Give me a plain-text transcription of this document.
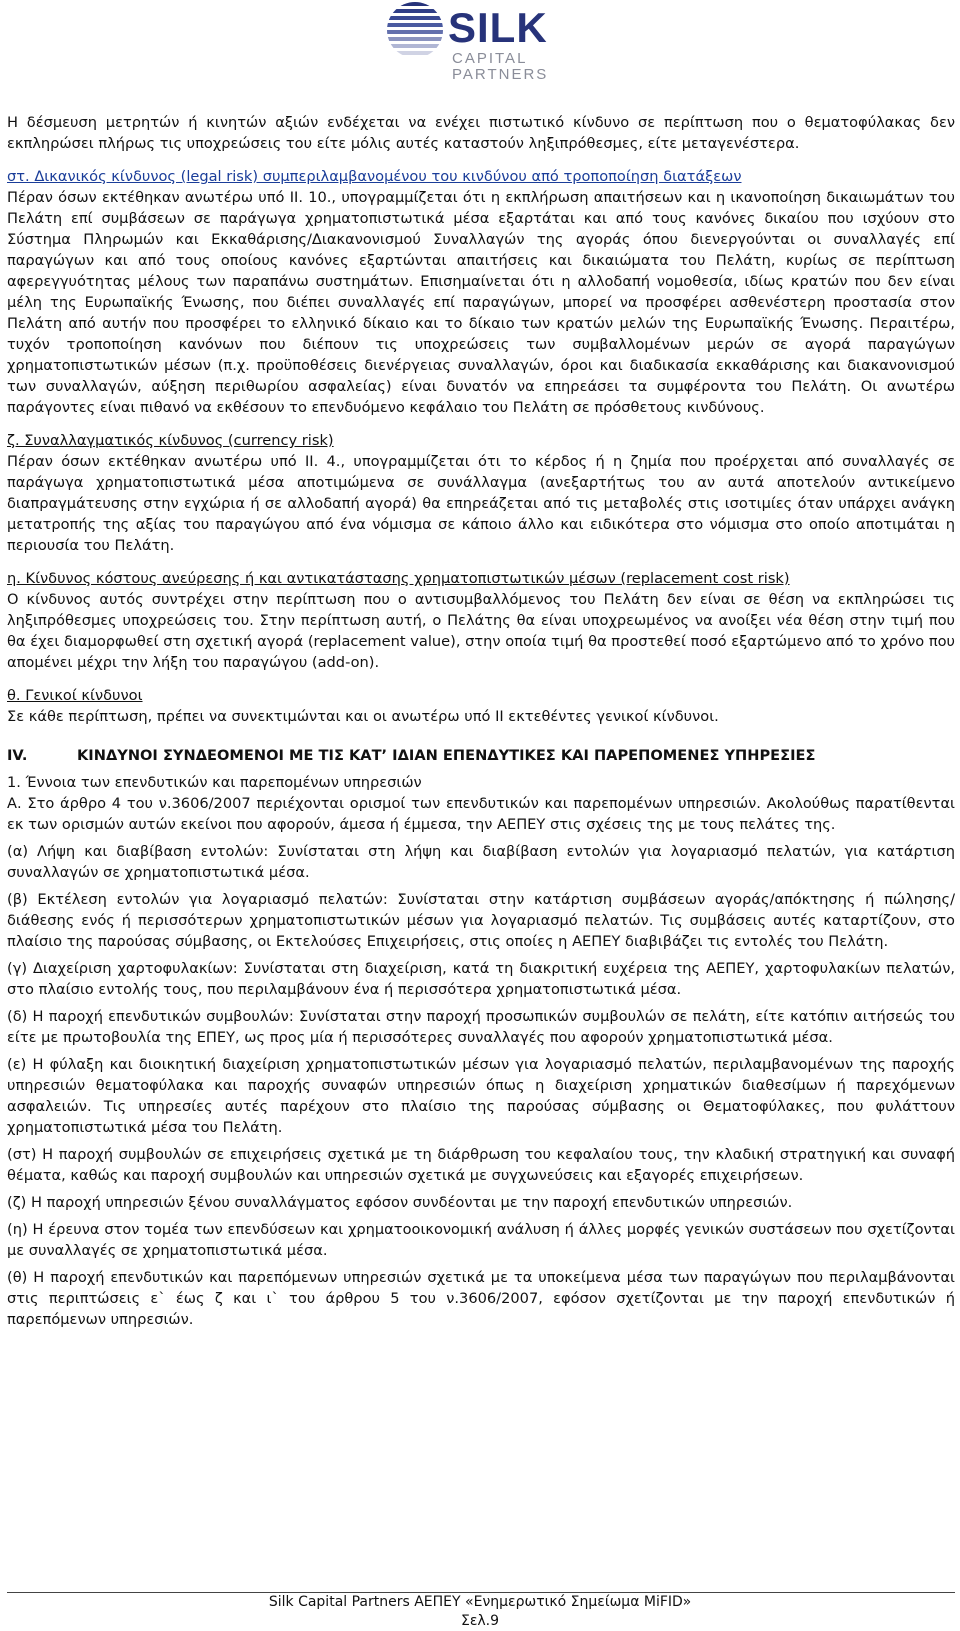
SILK
CAPITAL
PARTNERS

Η δέσμευση μετρητών ή κινητών αξιών ενδέχεται να ενέχει πιστωτικό κίνδυνο σε περίπτωση που ο θεματοφύλακας δεν εκπληρώσει πλήρως τις υποχρεώσεις του είτε μόλις αυτές καταστούν ληξιπρόθεσμες, είτε μεταγενέστερα.

στ. Δικανικός κίνδυνος (legal risk) συμπεριλαμβανομένου του κινδύνου από τροποποίηση διατάξεων

Πέραν όσων εκτέθηκαν ανωτέρω υπό ΙΙ. 10., υπογραμμίζεται ότι η εκπλήρωση απαιτήσεων και η ικανοποίηση δικαιωμάτων του Πελάτη επί συμβάσεων σε παράγωγα χρηματοπιστωτικά μέσα εξαρτάται και από τους κανόνες δικαίου που ισχύουν στο Σύστημα Πληρωμών και Εκκαθάρισης/Διακανονισμού Συναλλαγών της αγοράς όπου διενεργούνται οι συναλλαγές επί παραγώγων και από τους οποίους κανόνες εξαρτώνται απαιτήσεις και δικαιώματα του Πελάτη, κυρίως σε περίπτωση αφερεγγυότητας μέλους των παραπάνω συστημάτων. Επισημαίνεται ότι η αλλοδαπή νομοθεσία, ιδίως κρατών που δεν είναι μέλη της Ευρωπαϊκής Ένωσης, που διέπει συναλλαγές επί παραγώγων, μπορεί να προσφέρει ασθενέστερη προστασία στον Πελάτη από αυτήν που προσφέρει το ελληνικό δίκαιο και το δίκαιο των κρατών μελών της Ευρωπαϊκής Ένωσης. Περαιτέρω, τυχόν τροποποίηση κανόνων που διέπουν τις υποχρεώσεις των συμβαλλομένων μερών σε αγορά παραγώγων χρηματοπιστωτικών μέσων (π.χ. προϋποθέσεις διενέργειας συναλλαγών, όροι και διαδικασία εκκαθάρισης και διακανονισμού των συναλλαγών, αύξηση περιθωρίου ασφαλείας) είναι δυνατόν να επηρεάσει τα συμφέροντα του Πελάτη. Οι ανωτέρω παράγοντες είναι πιθανό να εκθέσουν το επενδυόμενο κεφάλαιο του Πελάτη σε πρόσθετους κινδύνους.

ζ. Συναλλαγματικός κίνδυνος (currency risk)

Πέραν όσων εκτέθηκαν ανωτέρω υπό ΙΙ. 4., υπογραμμίζεται ότι το κέρδος ή η ζημία που προέρχεται από συναλλαγές σε παράγωγα χρηματοπιστωτικά μέσα αποτιμώμενα σε συνάλλαγμα (ανεξαρτήτως του αν αυτά αποτελούν αντικείμενο διαπραγμάτευσης στην εγχώρια ή σε αλλοδαπή αγορά) θα επηρεάζεται από τις μεταβολές στις ισοτιμίες όταν υπάρχει ανάγκη μετατροπής της αξίας του παραγώγου από ένα νόμισμα σε κάποιο άλλο και ειδικότερα στο νόμισμα στο οποίο αποτιμάται η περιουσία του Πελάτη.

η. Κίνδυνος κόστους ανεύρεσης ή και αντικατάστασης χρηματοπιστωτικών μέσων (replacement cost risk)

Ο κίνδυνος αυτός συντρέχει στην περίπτωση που ο αντισυμβαλλόμενος του Πελάτη δεν είναι σε θέση να εκπληρώσει τις ληξιπρόθεσμες υποχρεώσεις του. Στην περίπτωση αυτή, ο Πελάτης θα είναι υποχρεωμένος να ανοίξει νέα θέση στην τιμή που θα έχει διαμορφωθεί στη σχετική αγορά (replacement value), στην οποία τιμή θα προστεθεί ποσό εξαρτώμενο από το χρόνο που απομένει μέχρι την λήξη του παραγώγου (add-on).

θ. Γενικοί κίνδυνοι

Σε κάθε περίπτωση, πρέπει να συνεκτιμώνται και οι ανωτέρω υπό ΙΙ εκτεθέντες γενικοί κίνδυνοι.

IV.	ΚΙΝΔΥΝΟΙ ΣΥΝΔΕΟΜΕΝΟΙ ΜΕ ΤΙΣ ΚΑΤ’ ΙΔΙΑΝ ΕΠΕΝΔΥΤΙΚΕΣ ΚΑΙ ΠΑΡΕΠΟΜΕΝΕΣ ΥΠΗΡΕΣΙΕΣ

1. Έννοια των επενδυτικών και παρεπομένων υπηρεσιών

Α. Στο άρθρο 4 του ν.3606/2007 περιέχονται ορισμοί των επενδυτικών και παρεπομένων υπηρεσιών. Ακολούθως παρατίθενται εκ των ορισμών αυτών εκείνοι που αφορούν, άμεσα ή έμμεσα, την ΑΕΠΕΥ στις σχέσεις της με τους πελάτες της.

(α) Λήψη και διαβίβαση εντολών: Συνίσταται στη λήψη και διαβίβαση εντολών για λογαριασμό πελατών, για κατάρτιση συναλλαγών σε χρηματοπιστωτικά μέσα.

(β) Εκτέλεση εντολών για λογαριασμό πελατών: Συνίσταται στην κατάρτιση συμβάσεων αγοράς/απόκτησης ή πώλησης/διάθεσης ενός ή περισσότερων χρηματοπιστωτικών μέσων για λογαριασμό πελατών. Τις συμβάσεις αυτές καταρτίζουν, στο πλαίσιο της παρούσας σύμβασης, οι Εκτελούσες Επιχειρήσεις, στις οποίες η ΑΕΠΕΥ διαβιβάζει τις εντολές του Πελάτη.

(γ) Διαχείριση χαρτοφυλακίων: Συνίσταται στη διαχείριση, κατά τη διακριτική ευχέρεια της ΑΕΠΕΥ, χαρτοφυλακίων πελατών, στο πλαίσιο εντολής τους, που περιλαμβάνουν ένα ή περισσότερα χρηματοπιστωτικά μέσα.

(δ) Η παροχή επενδυτικών συμβουλών: Συνίσταται στην παροχή προσωπικών συμβουλών σε πελάτη, είτε κατόπιν αιτήσεώς του είτε με πρωτοβουλία της ΕΠΕΥ, ως προς μία ή περισσότερες συναλλαγές που αφορούν χρηματοπιστωτικά μέσα.

(ε) Η φύλαξη και διοικητική διαχείριση χρηματοπιστωτικών μέσων για λογαριασμό πελατών, περιλαμβανομένων της παροχής υπηρεσιών θεματοφύλακα και παροχής συναφών υπηρεσιών όπως η διαχείριση χρηματικών διαθεσίμων ή παρεχόμενων ασφαλειών. Τις υπηρεσίες αυτές παρέχουν στο πλαίσιο της παρούσας σύμβασης οι Θεματοφύλακες, που φυλάττουν χρηματοπιστωτικά μέσα του Πελάτη.

(στ) Η παροχή συμβουλών σε επιχειρήσεις σχετικά με τη διάρθρωση του κεφαλαίου τους, την κλαδική στρατηγική και συναφή θέματα, καθώς και παροχή συμβουλών και υπηρεσιών σχετικά με συγχωνεύσεις και εξαγορές επιχειρήσεων.

(ζ) Η παροχή υπηρεσιών ξένου συναλλάγματος εφόσον συνδέονται με την παροχή επενδυτικών υπηρεσιών.

(η) Η έρευνα στον τομέα των επενδύσεων και χρηματοοικονομική ανάλυση ή άλλες μορφές γενικών συστάσεων που σχετίζονται με συναλλαγές σε χρηματοπιστωτικά μέσα.

(θ) Η παροχή επενδυτικών και παρεπόμενων υπηρεσιών σχετικά με τα υποκείμενα μέσα των παραγώγων που περιλαμβάνονται στις περιπτώσεις ε` έως ζ και ι` του άρθρου 5 του ν.3606/2007, εφόσον σχετίζονται με την παροχή επενδυτικών ή παρεπόμενων υπηρεσιών.

Silk Capital Partners ΑΕΠΕΥ «Ενημερωτικό Σημείωμα MiFID»
Σελ.9
